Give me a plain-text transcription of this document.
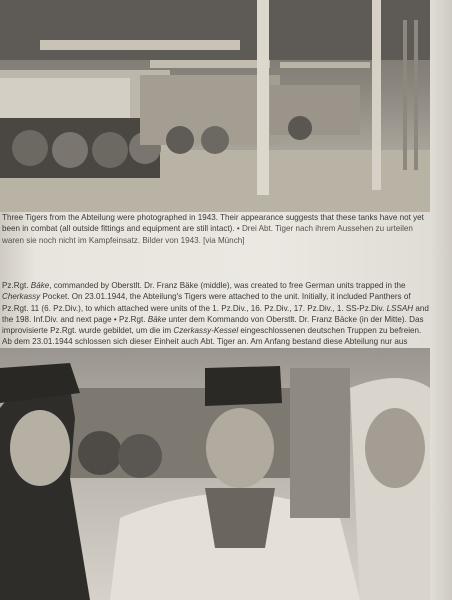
Three Tigers from the Abteilung were photographed in 1943. Their appearance suggests that these tanks have not yet been in combat (all outside fittings and equipment are still intact). • Drei Abt. Tiger nach ihrem Aussehen zu urteilen waren sie noch nicht im Kampfeinsatz. Bilder von 1943. [via Münch]

Pz.Rgt. Bäke, commanded by Oberstlt. Dr. Franz Bäke (middle), was created to free German units trapped in the Cherkassy Pocket. On 23.01.1944, the Abteilung's Tigers were attached to the unit. Initially, it included Panthers of Pz.Rgt. 11 (6. Pz.Div.), to which attached were units of the 1. Pz.Div., 16. Pz.Div., 17. Pz.Div., 1. SS-Pz.Div. LSSAH and the 198. Inf.Div. and next page • Pz.Rgt. Bäke unter dem Kommando von Oberstlt. Dr. Franz Bäcke (in der Mitte). Das improvisierte Pz.Rgt. wurde gebildet, um die im Czerkassy-Kessel eingeschlossenen deutschen Truppen zu befreien. Ab dem 23.01.1944 schlossen sich dieser Einheit auch Abt. Tiger an. Am Anfang bestand diese Abteilung nur aus
